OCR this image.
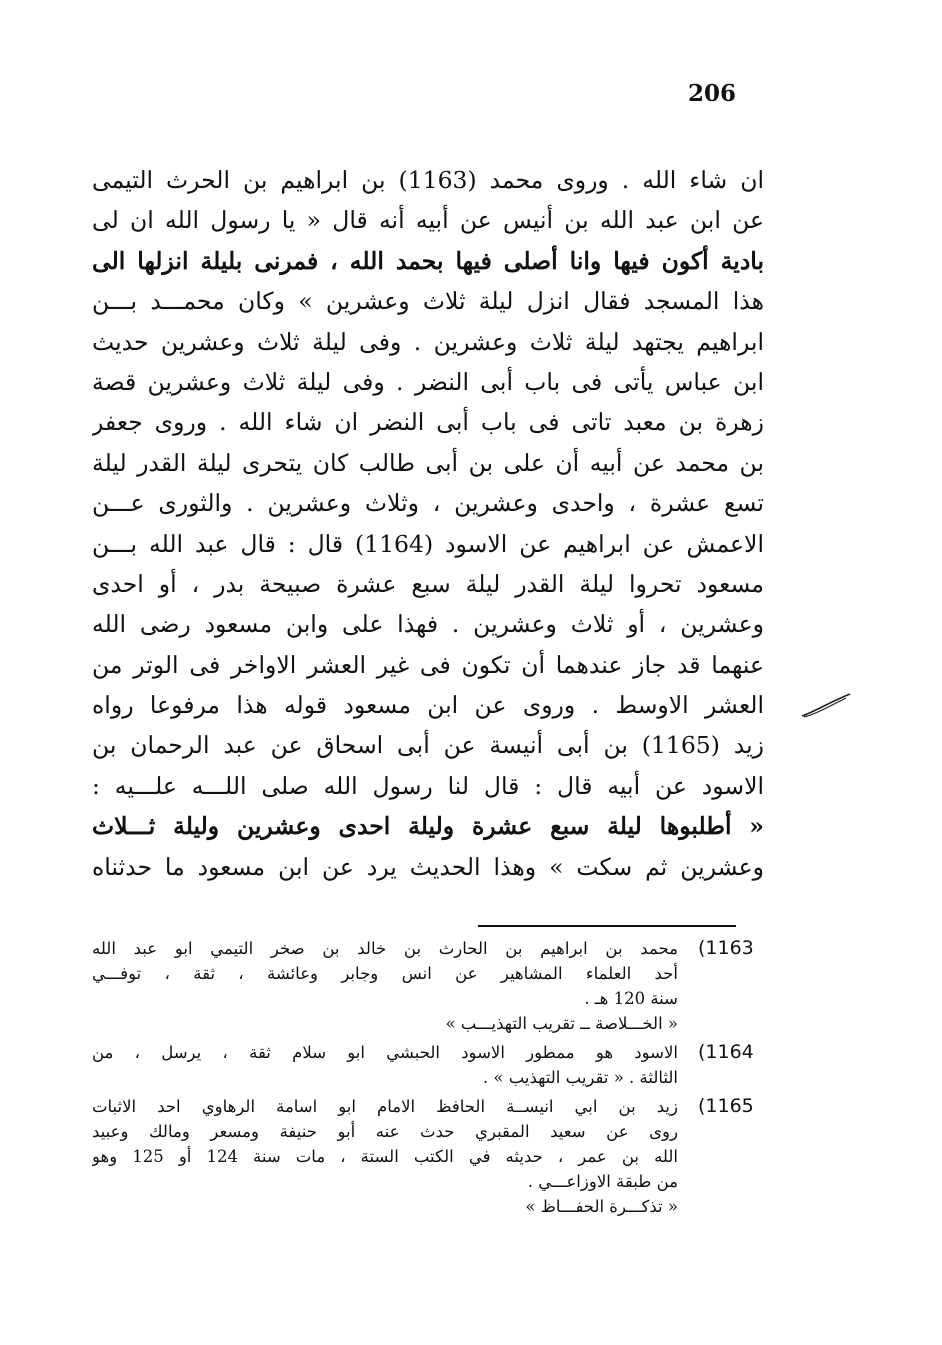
206
ان شاء الله . وروى محمد (1163) بن ابراهيم بن الحرث التيمى
عن ابن عبد الله بن أنيس عن أبيه أنه قال « يا رسول الله ان لى
بادية أكون فيها وانا أصلى فيها بحمد الله ، فمرنى بليلة انزلها الى
هذا المسجد فقال انزل ليلة ثلاث وعشرين » وكان محمـــد بـــن
ابراهيم يجتهد ليلة ثلاث وعشرين . وفى ليلة ثلاث وعشرين حديث
ابن عباس يأتى فى باب أبى النضر . وفى ليلة ثلاث وعشرين قصة
زهرة بن معبد تاتى فى باب أبى النضر ان شاء الله . وروى جعفر
بن محمد عن أبيه أن على بن أبى طالب كان يتحرى ليلة القدر ليلة
تسع عشرة ، واحدى وعشرين ، وثلاث وعشرين . والثورى عـــن
الاعمش عن ابراهيم عن الاسود (1164) قال : قال عبد الله بـــن
مسعود تحروا ليلة القدر ليلة سبع عشرة صبيحة بدر ، أو احدى
وعشرين ، أو ثلاث وعشرين . فهذا على وابن مسعود رضى الله
عنهما قد جاز عندهما أن تكون فى غير العشر الاواخر فى الوتر من
العشر الاوسط . وروى عن ابن مسعود قوله هذا مرفوعا رواه
زيد (1165) بن أبى أنيسة عن أبى اسحاق عن عبد الرحمان بن
الاسود عن أبيه قال : قال لنا رسول الله صلى اللـــه علـــيه :
« أطلبوها ليلة سبع عشرة وليلة احدى وعشرين وليلة ثـــلاث
وعشرين ثم سكت » وهذا الحديث يرد عن ابن مسعود ما حدثناه
(1163
محمد بن ابراهيم بن الحارث بن خالد بن صخر التيمي ابو عبد الله
أحد العلماء المشاهير عن انس وجابر وعائشة ، ثقة ، توفـــي
سنة 120 هـ .
« الخـــلاصة ــ تقريب التهذيـــب »
(1164
الاسود هو ممطور الاسود الحبشي ابو سلام ثقة ، يرسل ، من
الثالثة . « تقريب التهذيب » .
(1165
زيد بن ابي انيســة الحافظ الامام ابو اسامة الرهاوي احد الاثبات
روى عن سعيد المقبري حدث عنه أبو حنيفة ومسعر ومالك وعبيد
الله بن عمر ، حديثه في الكتب الستة ، مات سنة 124 أو 125 وهو
من طبقة الاوزاعـــي .
« تذكـــرة الحفـــاظ »
